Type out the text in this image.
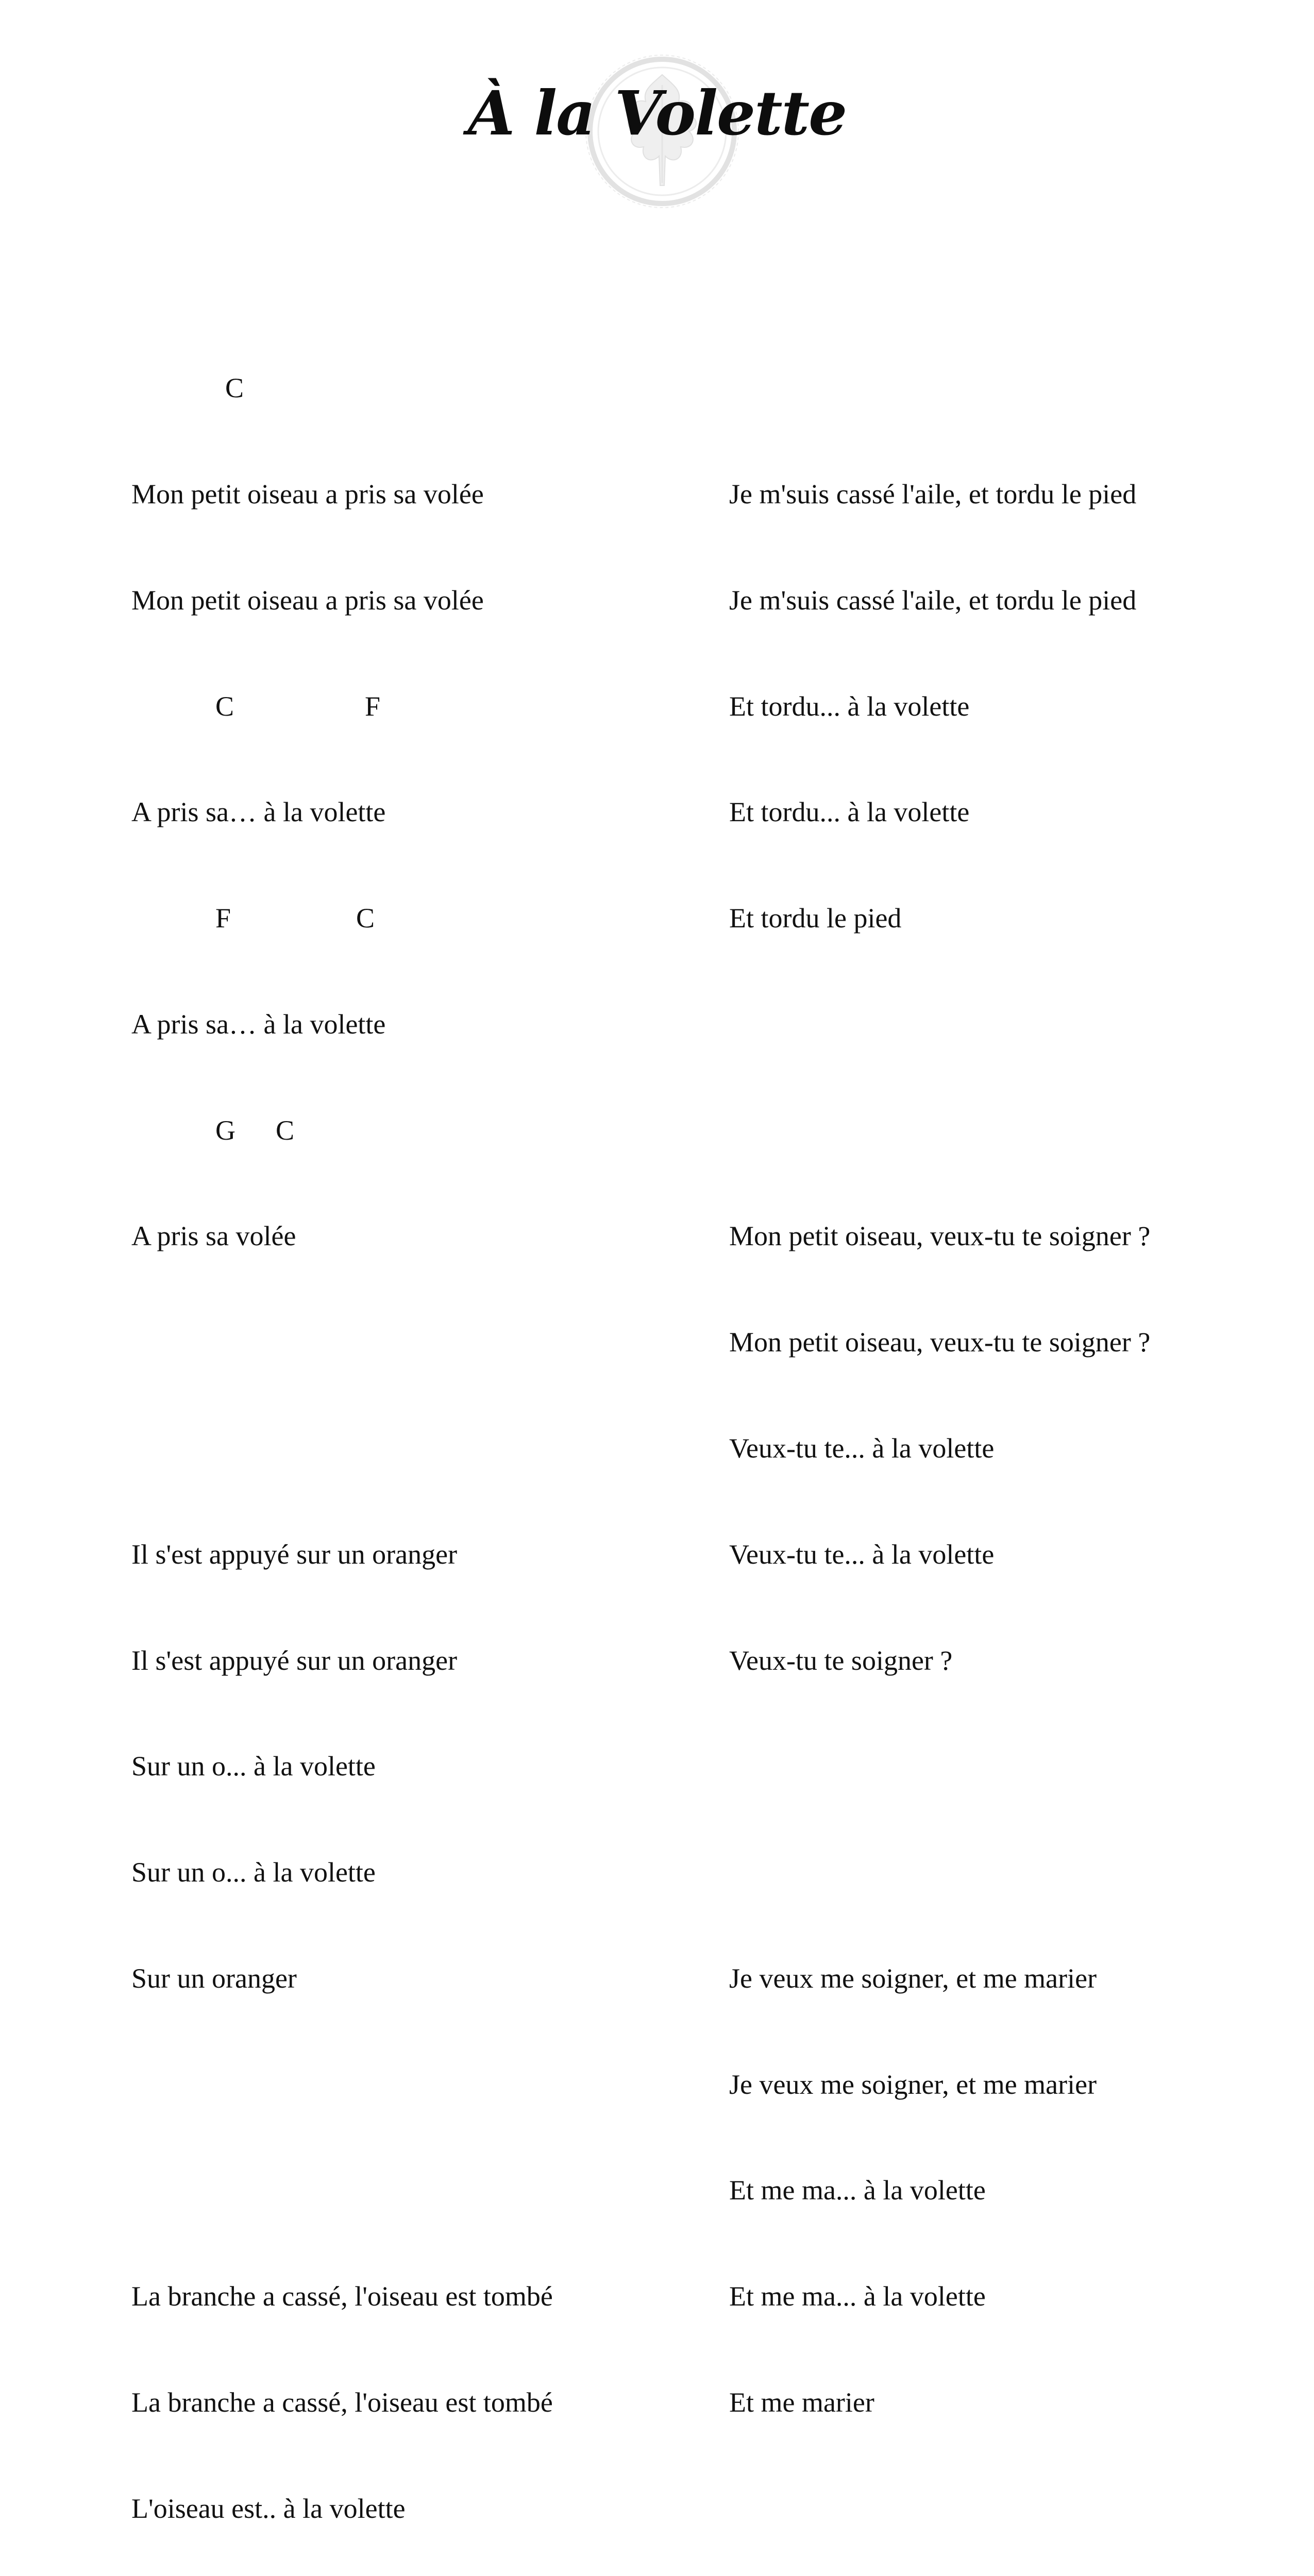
À la Volette

C

Mon petit oiseau a pris sa volée

Mon petit oiseau a pris sa volée

C

	F

A pris sa… à la volette

F

	C

A pris sa… à la volette

G

C

A pris sa volée

Il s'est appuyé sur un oranger

Il s'est appuyé sur un oranger

Sur un o... à la volette

Sur un o... à la volette

Sur un oranger

La branche a cassé, l'oiseau est tombé

La branche a cassé, l'oiseau est tombé

L'oiseau est.. à la volette

Je m'suis cassé l'aile, et tordu le pied

Je m'suis cassé l'aile, et tordu le pied

Et tordu... à la volette

Et tordu... à la volette

Et tordu le pied

Mon petit oiseau, veux-tu te soigner ?

Mon petit oiseau, veux-tu te soigner ?

Veux-tu te... à la volette

Veux-tu te... à la volette

Veux-tu te soigner ?

Je veux me soigner, et me marier

Je veux me soigner, et me marier

Et me ma... à la volette

Et me ma... à la volette

Et me marier
